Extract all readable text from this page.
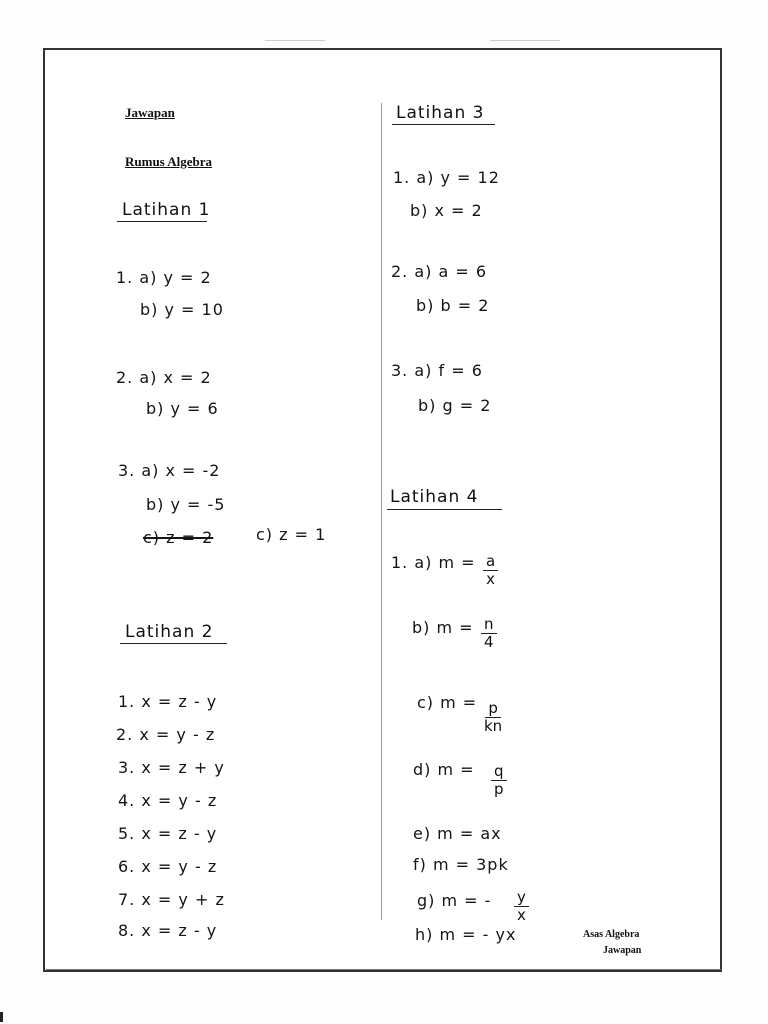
Jawapan
Rumus Algebra
Latihan 1
1. a) y = 2
b) y = 10
2. a) x = 2
b) y = 6
3. a) x = -2
b) y = -5
c) z = 2	c) z = 1
Latihan 2
1. x = z - y
2. x = y - z
3. x = z + y
4. x = y - z
5. x = z - y
6. x = y - z
7. x = y + z
8. x = z - y
Latihan 3
1. a) y = 12
b) x = 2
2. a) a = 6
b) b = 2
3. a) f = 6
b) g = 2
Latihan 4
1. a) $m = \frac{a}{x}$
b) $m = \frac{n}{4}$
c) $m = \frac{p}{kn}$
d) $m = \frac{q}{p}$
e) m = ax
f) m = 3pk
g) m = - $\frac{y}{x}$
h) m = - yx	Asas Algebra
Jawapan
